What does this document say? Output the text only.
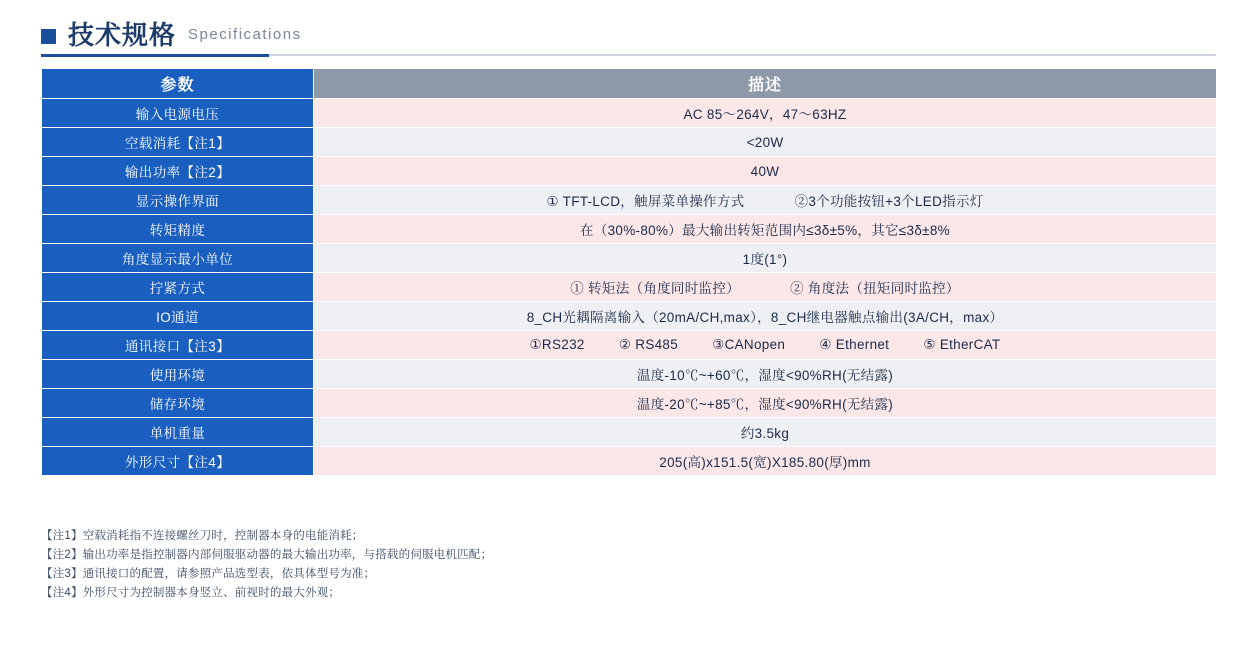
技术规格 Specifications
参数	描述
输入电源电压	AC 85～264V，47～63HZ
空载消耗【注1】	<20W
输出功率【注2】	40W
显示操作界面	① TFT-LCD，触屏菜单操作方式 ②3个功能按钮+3个LED指示灯
转矩精度	在（30%-80%）最大输出转矩范围内≤3δ±5%，其它≤3δ±8%
角度显示最小单位	1度(1°)
拧紧方式	① 转矩法（角度同时监控） ② 角度法（扭矩同时监控）
IO通道	8_CH光耦隔离输入（20mA/CH,max），8_CH继电器触点输出(3A/CH，max）
通讯接口【注3】	①RS232 ② RS485 ③CANopen ④ Ethernet ⑤ EtherCAT
使用环境	温度-10℃~+60℃，湿度<90%RH(无结露)
储存环境	温度-20℃~+85℃，湿度<90%RH(无结露)
单机重量	约3.5kg
外形尺寸【注4】	205(高)x151.5(宽)X185.80(厚)mm
【注1】空载消耗指不连接螺丝刀时，控制器本身的电能消耗；
【注2】输出功率是指控制器内部伺服驱动器的最大输出功率，与搭载的伺服电机匹配；
【注3】通讯接口的配置，请参照产品选型表，依具体型号为准；
【注4】外形尺寸为控制器本身竖立、前视时的最大外观；
